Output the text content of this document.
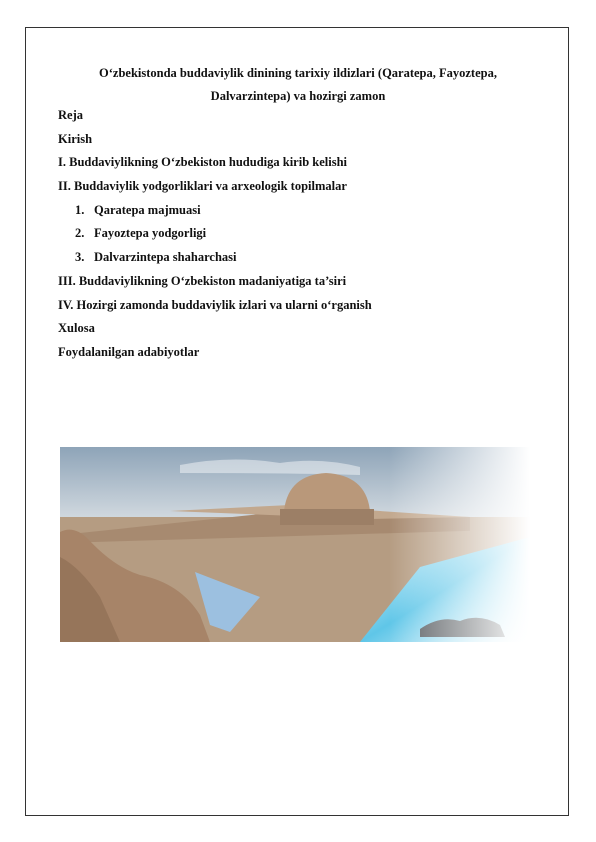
O‘zbekistonda buddaviylik dinining tarixiy ildizlari (Qaratepa, Fayoztepa, Dalvarzintepa) va hozirgi zamon
Reja
Kirish
I. Buddaviylikning O‘zbekiston hududiga kirib kelishi
II. Buddaviylik yodgorliklari va arxeologik topilmalar
1. Qaratepa majmuasi
2. Fayoztepa yodgorligi
3. Dalvarzintepa shaharchasi
III. Buddaviylikning O‘zbekiston madaniyatiga ta’siri
IV. Hozirgi zamonda buddaviylik izlari va ularni o‘rganish
Xulosa
Foydalanilgan adabiyotlar
